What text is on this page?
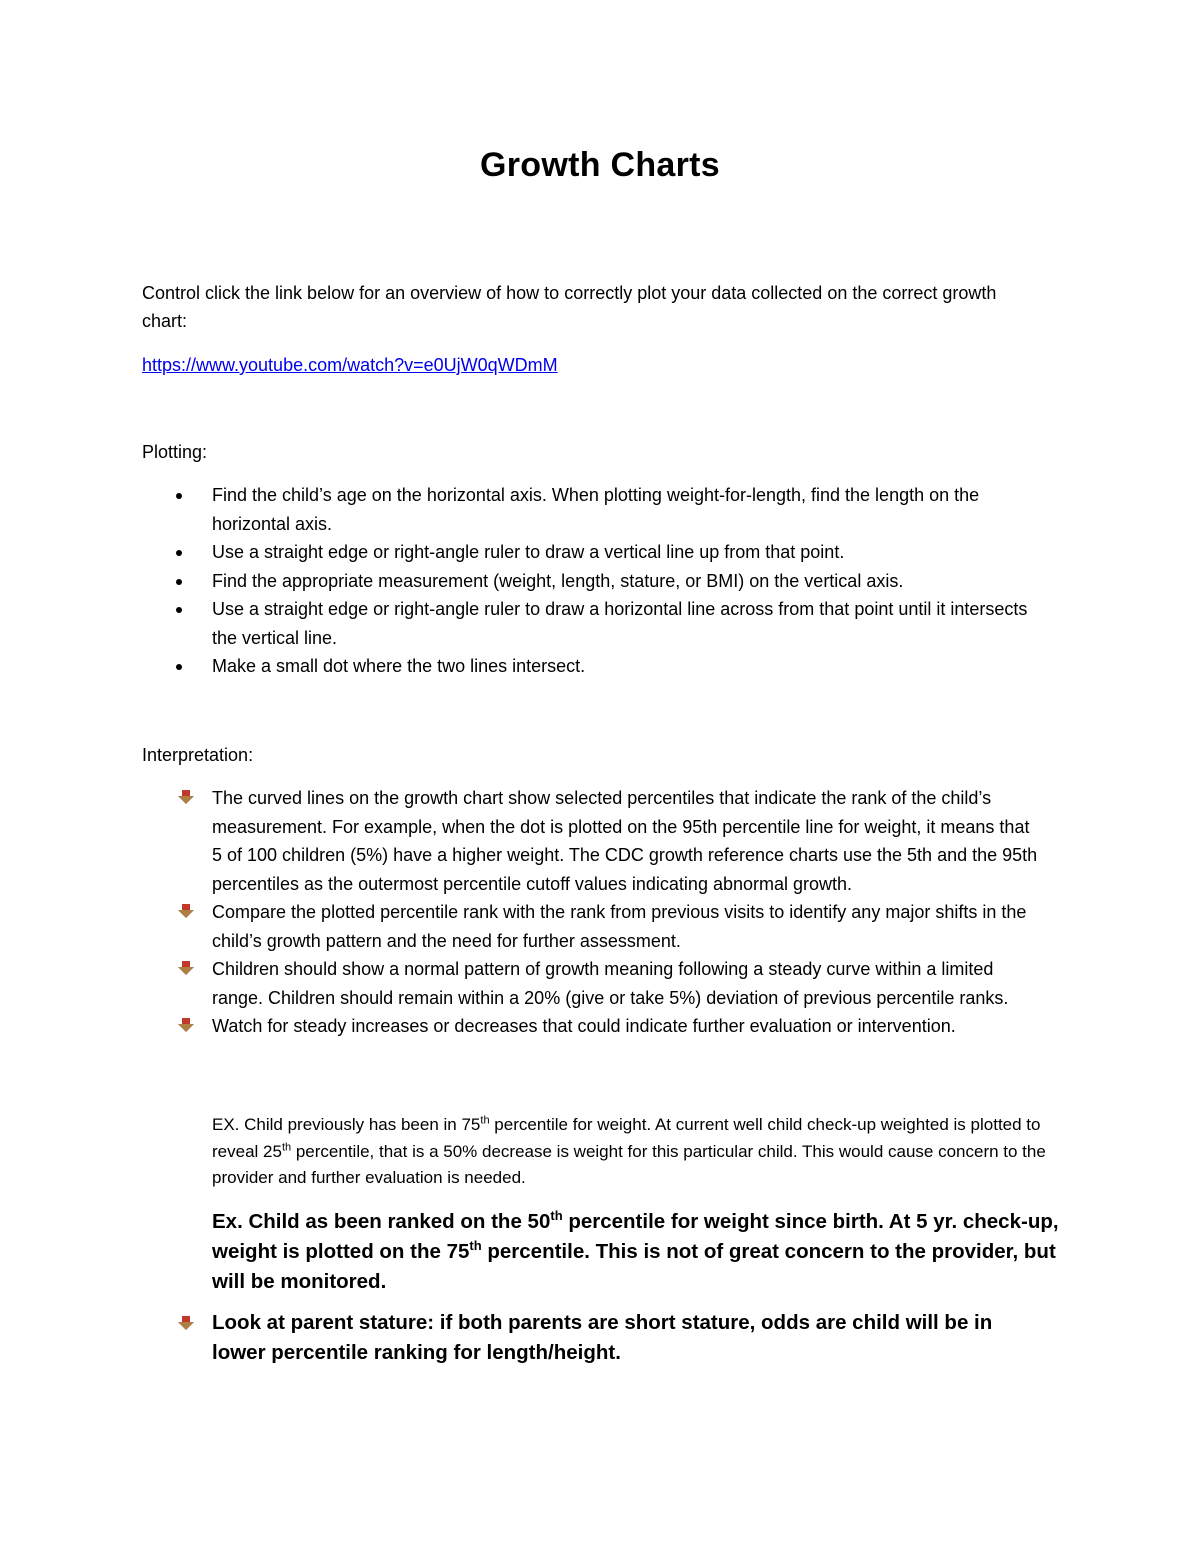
Growth Charts

Control click the link below for an overview of how to correctly plot your data collected on the correct growth chart:

https://www.youtube.com/watch?v=e0UjW0qWDmM
Plotting:
Find the child’s age on the horizontal axis. When plotting weight-for-length, find the length on the horizontal axis.
Use a straight edge or right-angle ruler to draw a vertical line up from that point.
Find the appropriate measurement (weight, length, stature, or BMI) on the vertical axis.
Use a straight edge or right-angle ruler to draw a horizontal line across from that point until it intersects the vertical line.
Make a small dot where the two lines intersect.
Interpretation:
The curved lines on the growth chart show selected percentiles that indicate the rank of the child’s measurement. For example, when the dot is plotted on the 95th percentile line for weight, it means that 5 of 100 children (5%) have a higher weight. The CDC growth reference charts use the 5th and the 95th percentiles as the outermost percentile cutoff values indicating abnormal growth.
Compare the plotted percentile rank with the rank from previous visits to identify any major shifts in the child’s growth pattern and the need for further assessment.
Children should show a normal pattern of growth meaning following a steady curve within a limited range. Children should remain within a 20% (give or take 5%) deviation of previous percentile ranks.
Watch for steady increases or decreases that could indicate further evaluation or intervention.

EX. Child previously has been in 75th percentile for weight. At current well child check-up weighted is plotted to reveal 25th percentile, that is a 50% decrease is weight for this particular child. This would cause concern to the provider and further evaluation is needed.

Ex. Child as been ranked on the 50th percentile for weight since birth. At 5 yr. check-up, weight is plotted on the 75th percentile. This is not of great concern to the provider, but will be monitored.

Look at parent stature: if both parents are short stature, odds are child will be in lower percentile ranking for length/height.
